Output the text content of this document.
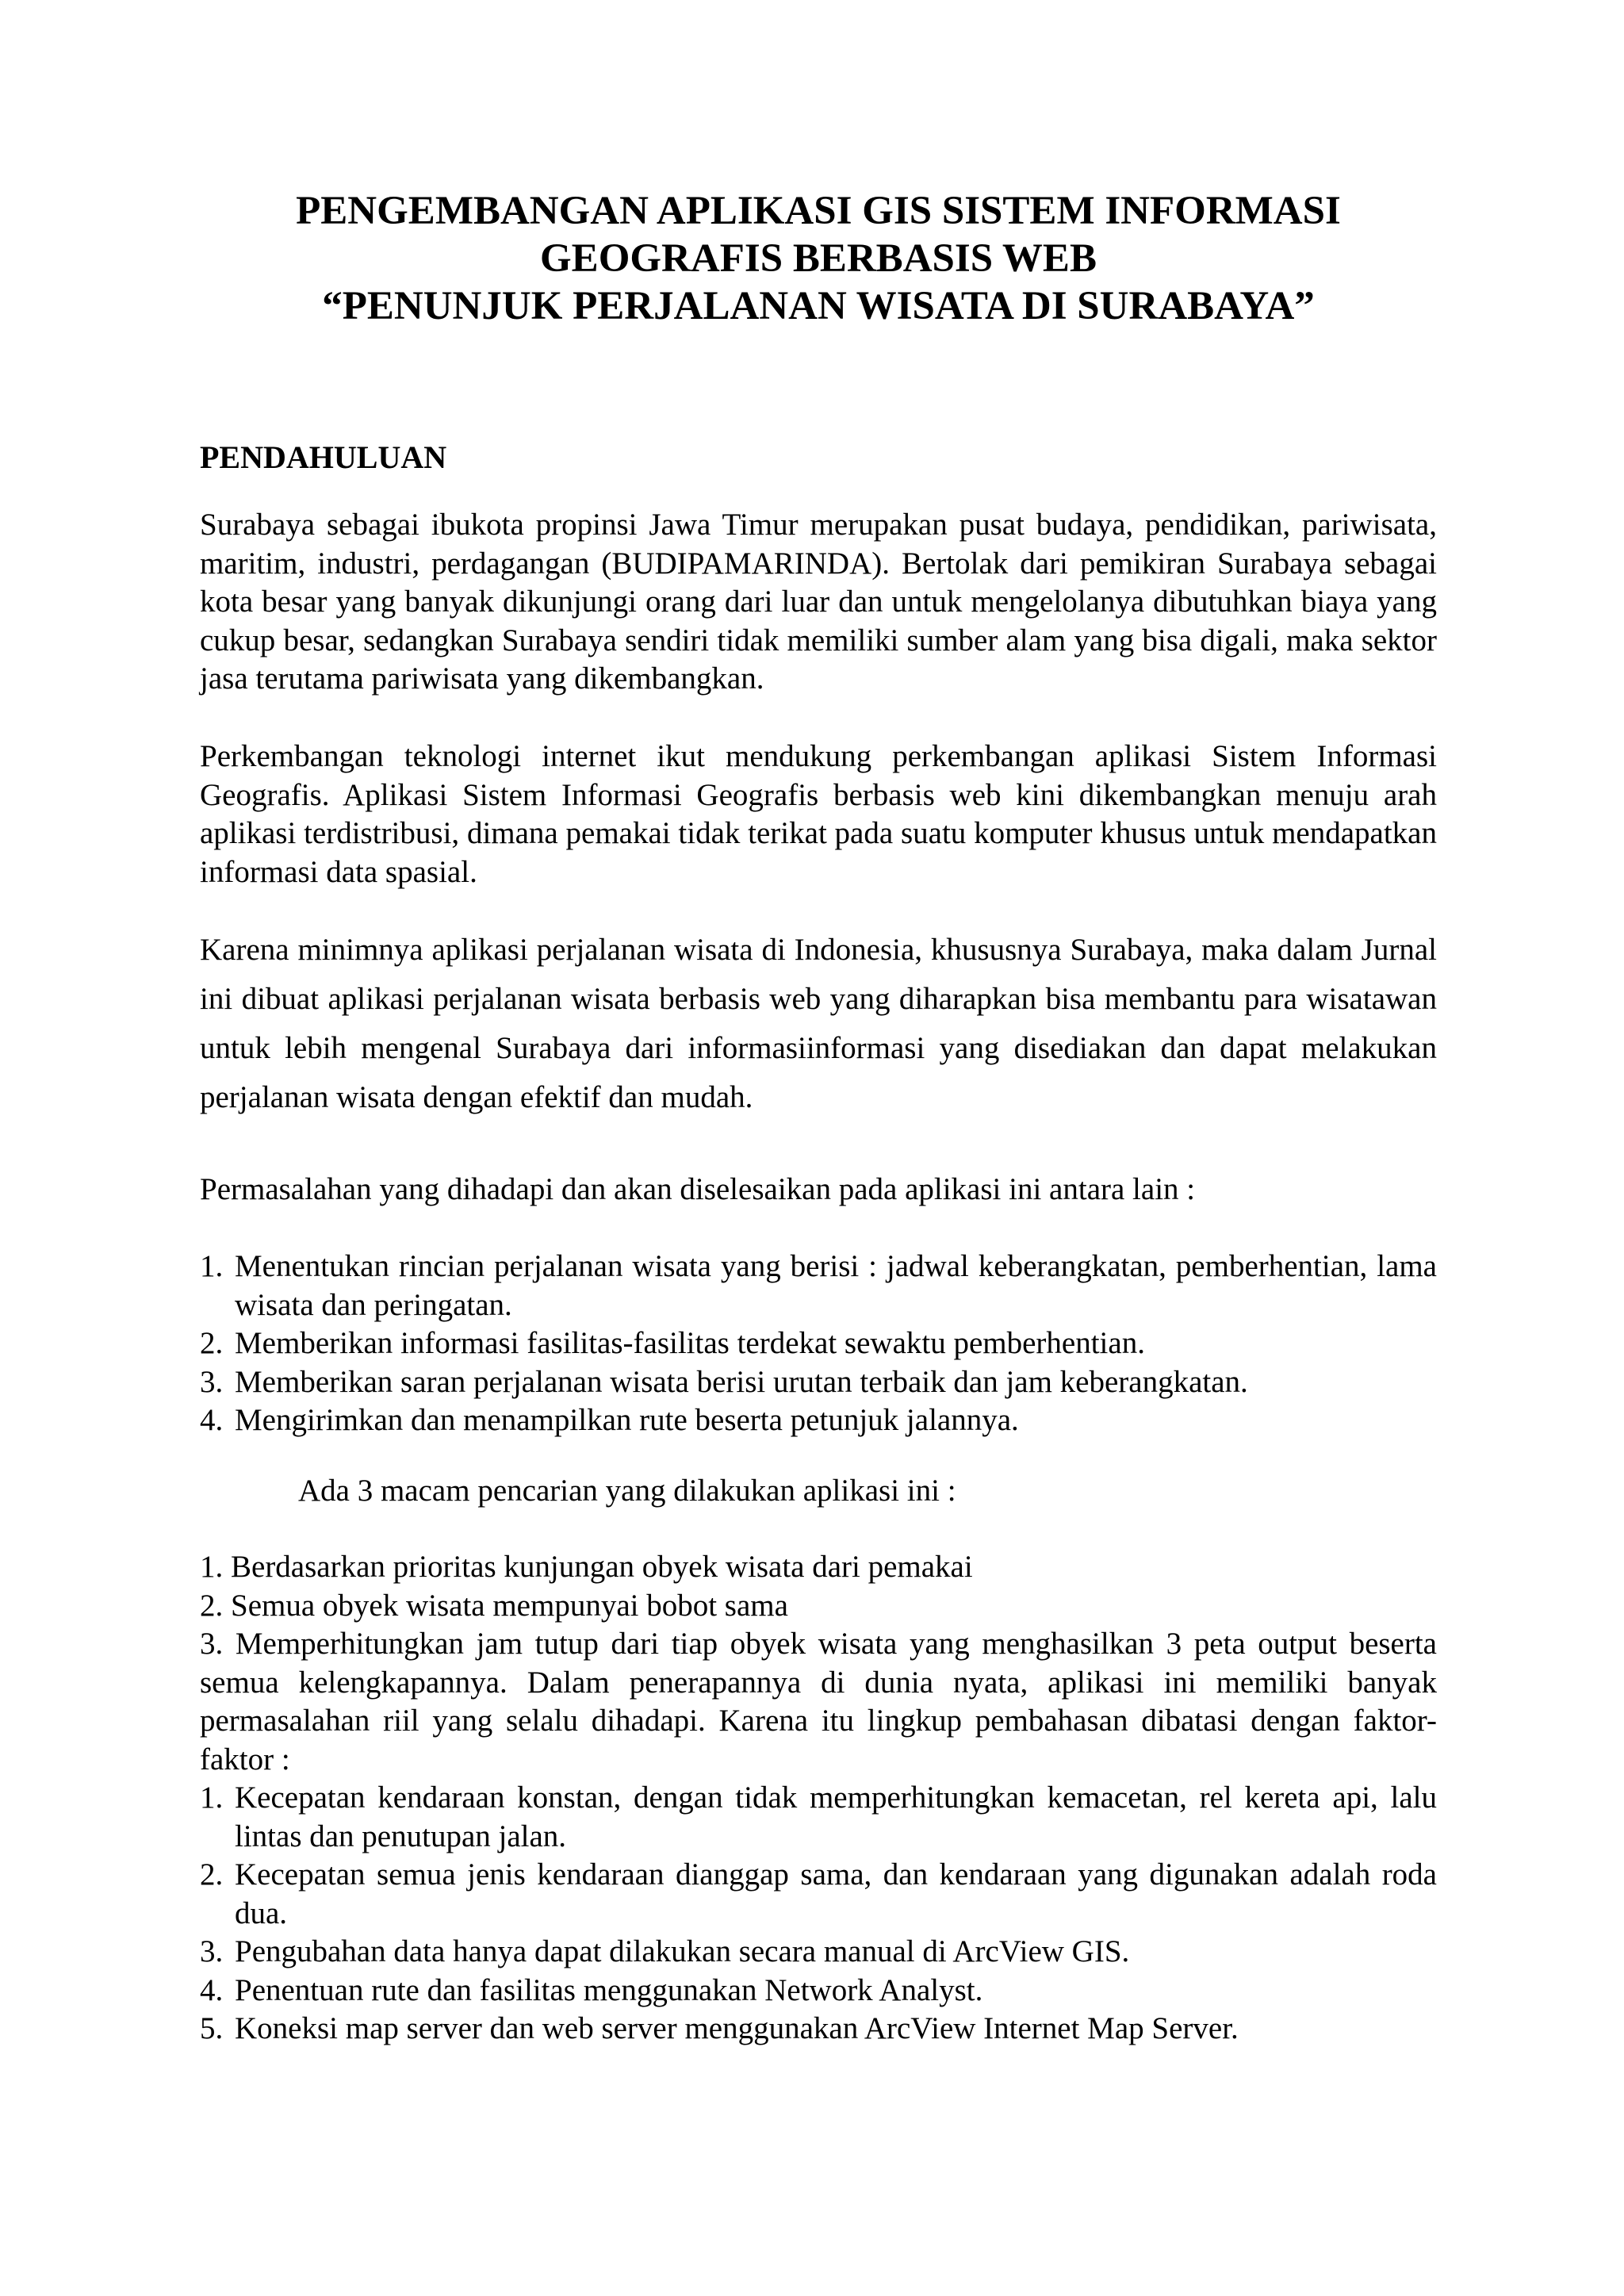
PENGEMBANGAN APLIKASI GIS SISTEM INFORMASI
GEOGRAFIS BERBASIS WEB
“PENUNJUK PERJALANAN WISATA DI SURABAYA”
PENDAHULUAN

Surabaya sebagai ibukota propinsi Jawa Timur merupakan pusat budaya, pendidikan, pariwisata, maritim, industri, perdagangan (BUDIPAMARINDA). Bertolak dari pemikiran Surabaya sebagai kota besar yang banyak dikunjungi orang dari luar dan untuk mengelolanya dibutuhkan biaya yang cukup besar, sedangkan Surabaya sendiri tidak memiliki sumber alam yang bisa digali, maka sektor jasa terutama pariwisata yang dikembangkan.

Perkembangan teknologi internet ikut mendukung perkembangan aplikasi Sistem Informasi Geografis. Aplikasi Sistem Informasi Geografis berbasis web kini dikembangkan menuju arah aplikasi terdistribusi, dimana pemakai tidak terikat pada suatu komputer khusus untuk mendapatkan informasi data spasial.

Karena minimnya aplikasi perjalanan wisata di Indonesia, khususnya Surabaya, maka dalam Jurnal ini dibuat aplikasi perjalanan wisata berbasis web yang diharapkan bisa membantu para wisatawan untuk lebih mengenal Surabaya dari informasiinformasi yang disediakan dan dapat melakukan perjalanan wisata dengan efektif dan mudah.

Permasalahan yang dihadapi dan akan diselesaikan pada aplikasi ini antara lain :

1. Menentukan rincian perjalanan wisata yang berisi : jadwal keberangkatan, pemberhentian, lama wisata dan peringatan.
2. Memberikan informasi fasilitas-fasilitas terdekat sewaktu pemberhentian.
3. Memberikan saran perjalanan wisata berisi urutan terbaik dan jam keberangkatan.
4. Mengirimkan dan menampilkan rute beserta petunjuk jalannya.

Ada 3 macam pencarian yang dilakukan aplikasi ini :

1. Berdasarkan prioritas kunjungan obyek wisata dari pemakai

2. Semua obyek wisata mempunyai bobot sama

3. Memperhitungkan jam tutup dari tiap obyek wisata yang menghasilkan 3 peta output beserta semua kelengkapannya. Dalam penerapannya di dunia nyata, aplikasi ini memiliki banyak permasalahan riil yang selalu dihadapi. Karena itu lingkup pembahasan dibatasi dengan faktor-faktor :

1. Kecepatan kendaraan konstan, dengan tidak memperhitungkan kemacetan, rel kereta api, lalu lintas dan penutupan jalan.
2. Kecepatan semua jenis kendaraan dianggap sama, dan kendaraan yang digunakan adalah roda dua.
3. Pengubahan data hanya dapat dilakukan secara manual di ArcView GIS.
4. Penentuan rute dan fasilitas menggunakan Network Analyst.
5. Koneksi map server dan web server menggunakan ArcView Internet Map Server.
